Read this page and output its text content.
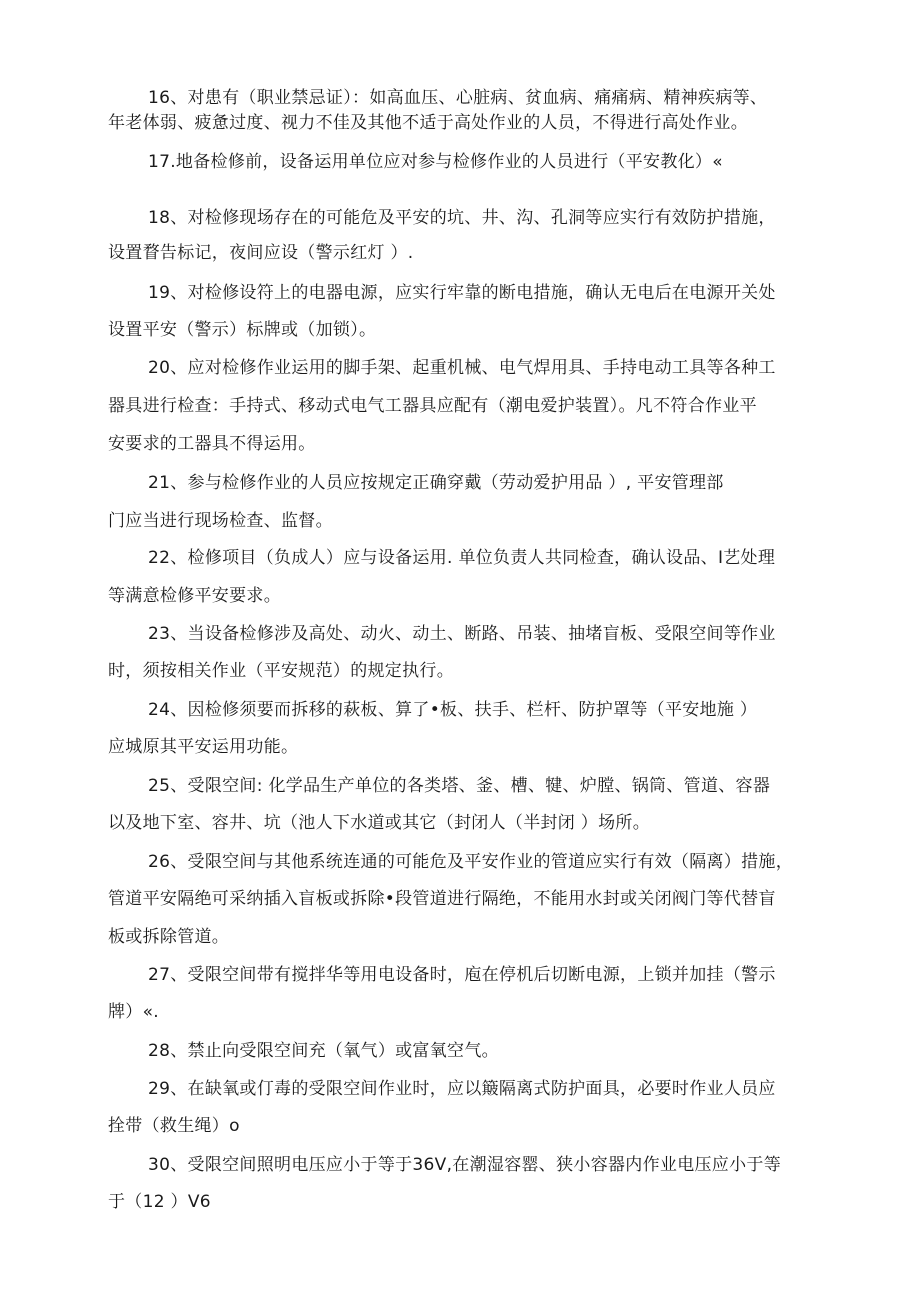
16、对患有（职业禁忌证）：如高血压、心脏病、贫血病、痛痛病、精神疾病等、
年老体弱、疲惫过度、视力不佳及其他不适于高处作业的人员，不得进行高处作业。
17.地备检修前，设备运用单位应对参与检修作业的人员进行（平安教化）«
18、对检修现场存在的可能危及平安的坑、井、沟、孔洞等应实行有效防护措施，
设置瞀告标记，夜间应设（警示红灯 ）.
19、对检修设符上的电器电源，应实行牢靠的断电措施，确认无电后在电源开关处
设置平安（警示）标牌或（加锁）。
20、应对检修作业运用的脚手架、起重机械、电气焊用具、手持电动工具等各种工
器具进行检查：手持式、移动式电气工器具应配有（潮电爱护装置）。凡不符合作业平
安要求的工器具不得运用。
21、参与检修作业的人员应按规定正确穿戴（劳动爱护用品 ）, 平安管理部
门应当进行现场检查、监督。
22、检修项目（负成人）应与设备运用. 单位负责人共同检查，确认设品、I艺处理
等满意检修平安要求。
23、当设备检修涉及高处、动火、动土、断路、吊装、抽堵盲板、受限空间等作业
时，须按相关作业（平安规范）的规定执行。
24、因检修须要而拆移的萩板、算了•板、扶手、栏杆、防护罩等（平安地施 ）
应城原其平安运用功能。
25、受限空间: 化学品生产单位的各类塔、釜、槽、犍、炉膛、锅筒、管道、容器
以及地下室、容井、坑（池人下水道或其它（封闭人（半封闭 ）场所。
26、受限空间与其他系统连通的可能危及平安作业的管道应实行有效（隔离）措施，
管道平安隔绝可采纳插入盲板或拆除•段管道进行隔绝，不能用水封或关闭阀门等代替盲
板或拆除管道。
27、受限空间带有搅拌华等用电设备时，庖在停机后切断电源，上锁并加挂（警示
牌）«.
28、禁止向受限空间充（氧气）或富氧空气。
29、在缺氧或仃毒的受限空间作业时，应以簸隔离式防护面具，必要时作业人员应
拴带（救生绳）o
30、受限空间照明电压应小于等于36V,在潮湿容罂、狭小容器内作业电压应小于等
于（12 ）V6
